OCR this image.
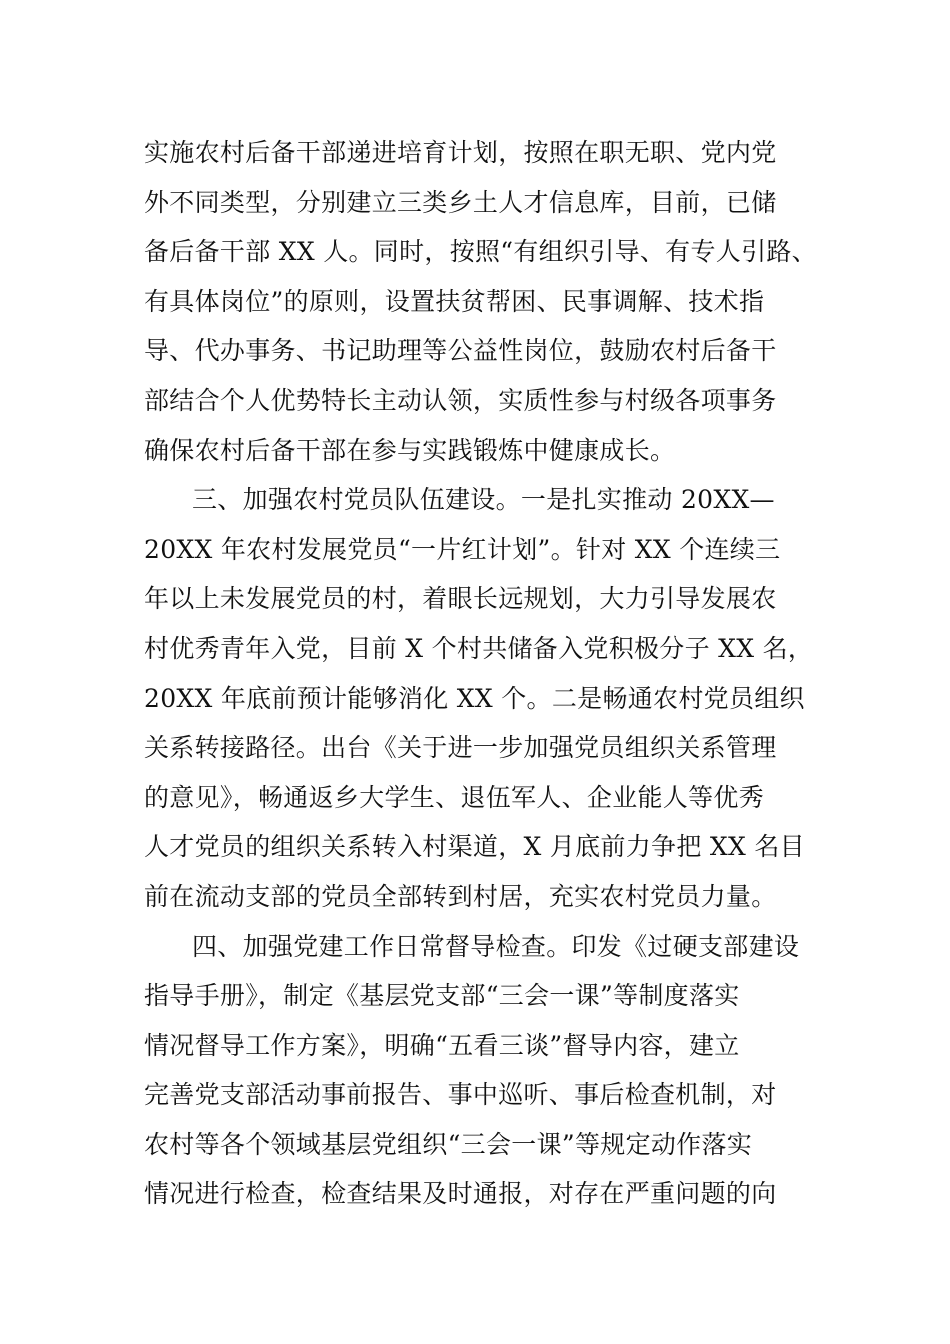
实施农村后备干部递进培育计划，按照在职无职、党内党
外不同类型，分别建立三类乡土人才信息库，目前，已储
备后备干部 XX 人。同时，按照“有组织引导、有专人引路、
有具体岗位”的原则，设置扶贫帮困、民事调解、技术指
导、代办事务、书记助理等公益性岗位，鼓励农村后备干
部结合个人优势特长主动认领，实质性参与村级各项事务
确保农村后备干部在参与实践锻炼中健康成长。
三、加强农村党员队伍建设。一是扎实推动 20XX—
20XX 年农村发展党员“一片红计划”。针对 XX 个连续三
年以上未发展党员的村，着眼长远规划，大力引导发展农
村优秀青年入党，目前 X 个村共储备入党积极分子 XX 名，
20XX 年底前预计能够消化 XX 个。二是畅通农村党员组织
关系转接路径。出台《关于进一步加强党员组织关系管理
的意见》，畅通返乡大学生、退伍军人、企业能人等优秀
人才党员的组织关系转入村渠道，X 月底前力争把 XX 名目
前在流动支部的党员全部转到村居，充实农村党员力量。
四、加强党建工作日常督导检查。印发《过硬支部建设
指导手册》，制定《基层党支部“三会一课”等制度落实
情况督导工作方案》，明确“五看三谈”督导内容，建立
完善党支部活动事前报告、事中巡听、事后检查机制，对
农村等各个领域基层党组织“三会一课”等规定动作落实
情况进行检查，检查结果及时通报，对存在严重问题的向
